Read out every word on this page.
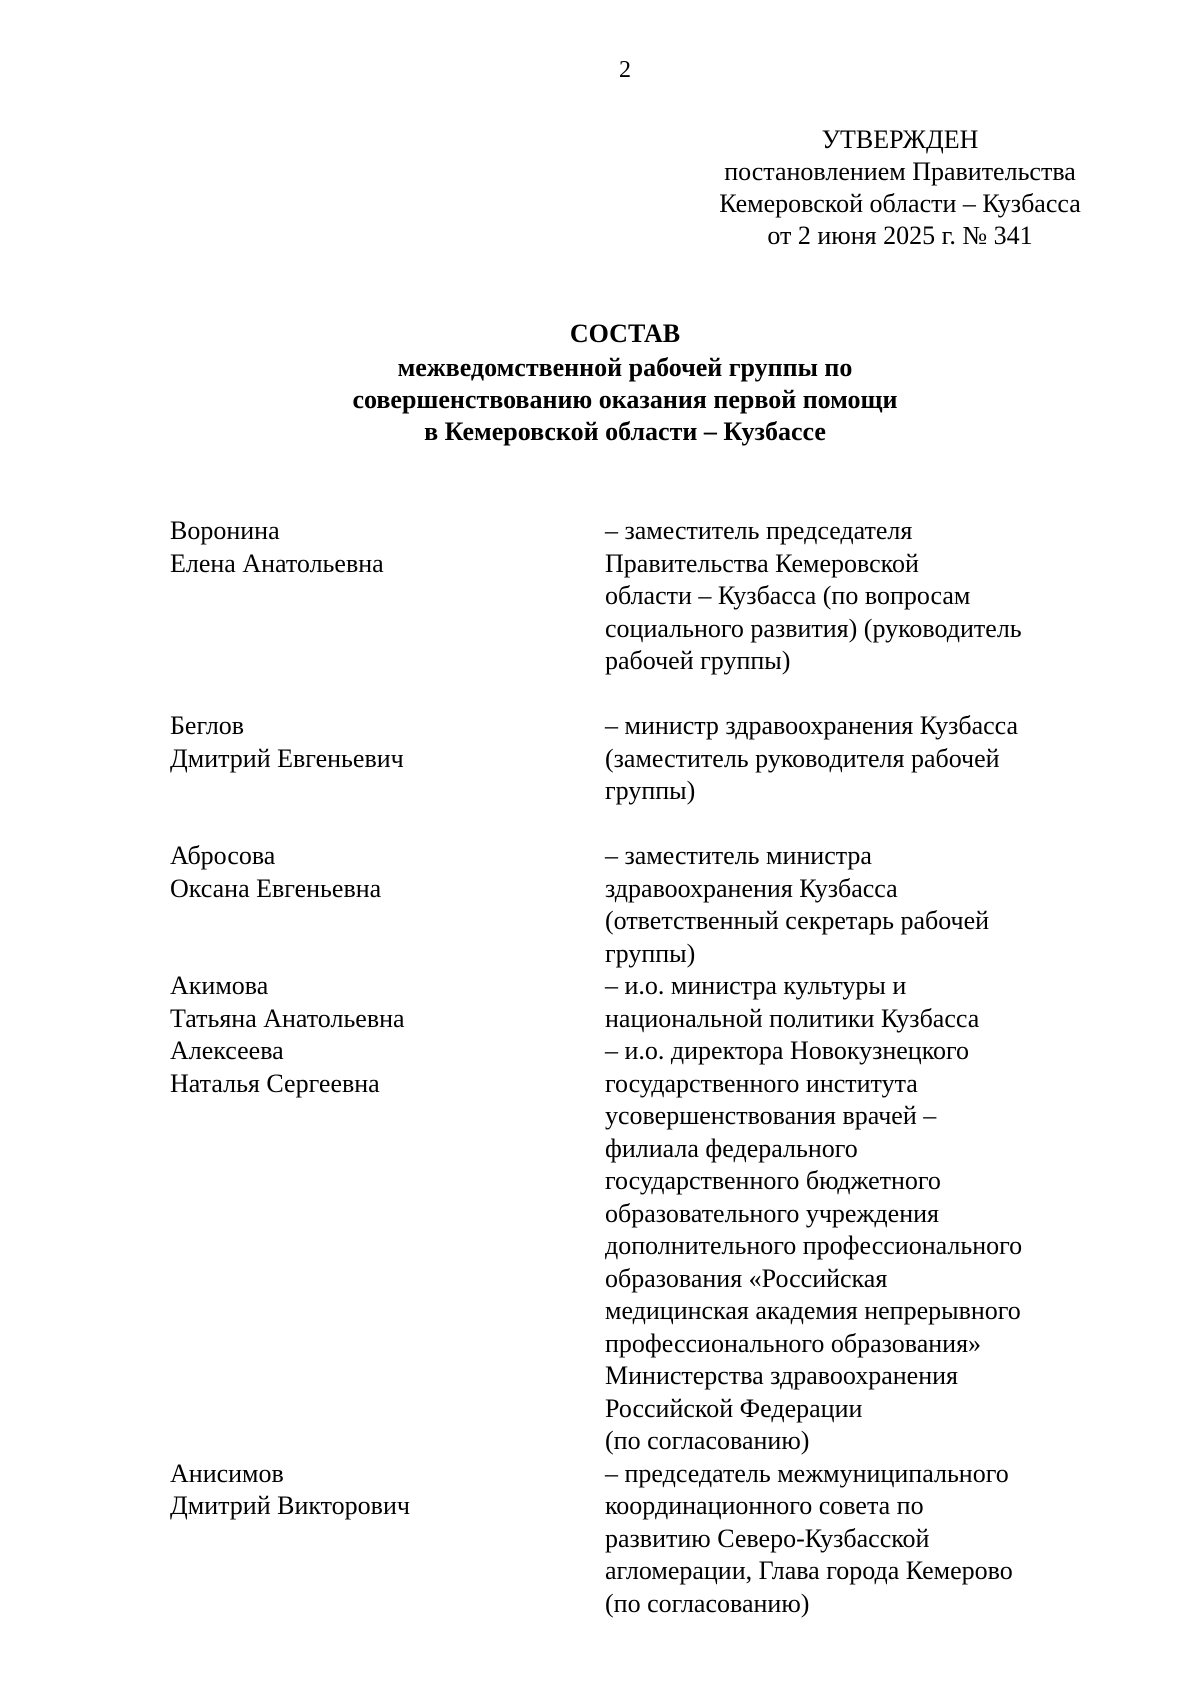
2
УТВЕРЖДЕН
постановлением Правительства
Кемеровской области – Кузбасса
от 2 июня 2025 г. № 341
СОСТАВ
межведомственной рабочей группы по
совершенствованию оказания первой помощи
в Кемеровской области – Кузбассе
Воронина
Елена Анатольевна
– заместитель председателя
Правительства Кемеровской
области – Кузбасса (по вопросам
социального развития) (руководитель
рабочей группы)
Беглов
Дмитрий Евгеньевич
– министр здравоохранения Кузбасса
(заместитель руководителя рабочей
группы)
Абросова
Оксана Евгеньевна
– заместитель министра
здравоохранения Кузбасса
(ответственный секретарь рабочей
группы)
Акимова
Татьяна Анатольевна
– и.о. министра культуры и
национальной политики Кузбасса
Алексеева
Наталья Сергеевна
– и.о. директора Новокузнецкого
государственного института
усовершенствования врачей –
филиала федерального
государственного бюджетного
образовательного учреждения
дополнительного профессионального
образования «Российская
медицинская академия непрерывного
профессионального образования»
Министерства здравоохранения
Российской Федерации
(по согласованию)
Анисимов
Дмитрий Викторович
– председатель межмуниципального
координационного совета по
развитию Северо-Кузбасской
агломерации, Глава города Кемерово
(по согласованию)
